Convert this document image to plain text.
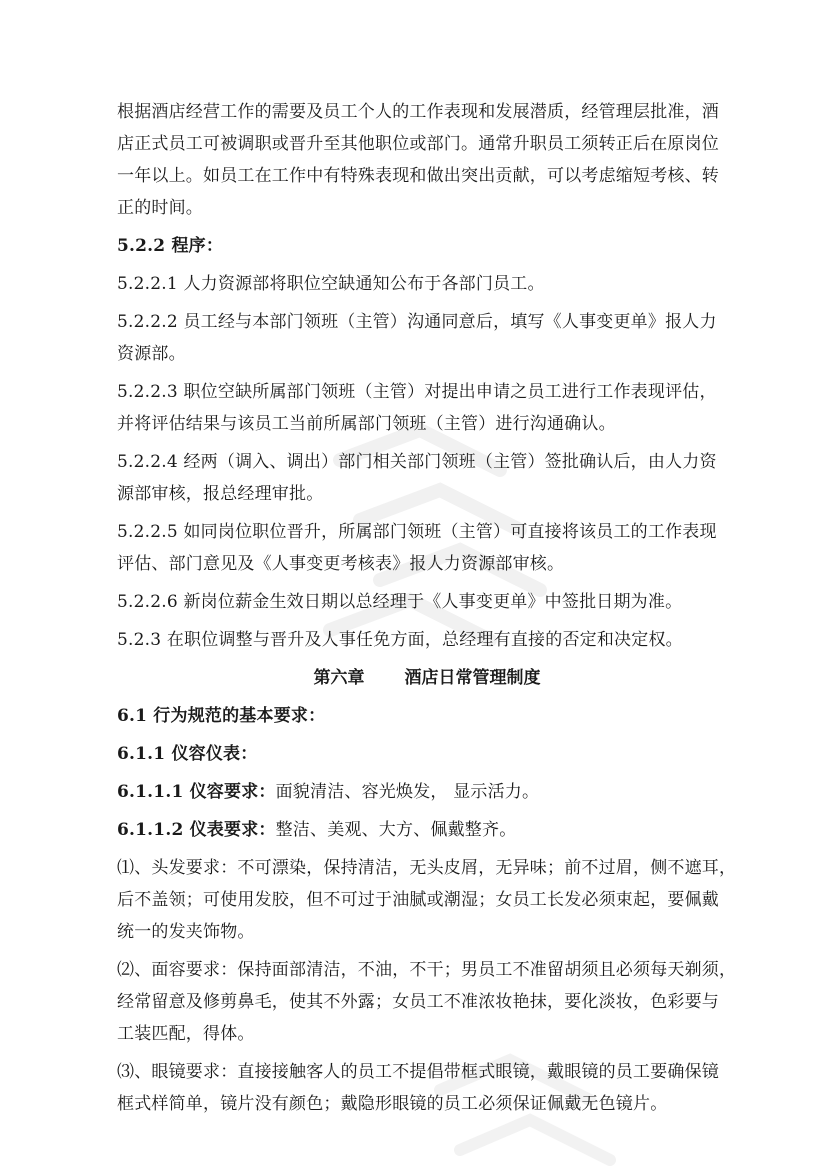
根据酒店经营工作的需要及员工个人的工作表现和发展潜质，经管理层批准，酒

店正式员工可被调职或晋升至其他职位或部门。通常升职员工须转正后在原岗位

一年以上。如员工在工作中有特殊表现和做出突出贡献，可以考虑缩短考核、转

正的时间。

5.2.2 程序：

5.2.2.1 人力资源部将职位空缺通知公布于各部门员工。

5.2.2.2 员工经与本部门领班（主管）沟通同意后，填写《人事变更单》报人力

资源部。

5.2.2.3 职位空缺所属部门领班（主管）对提出申请之员工进行工作表现评估，

并将评估结果与该员工当前所属部门领班（主管）进行沟通确认。

5.2.2.4 经两（调入、调出）部门相关部门领班（主管）签批确认后，由人力资

源部审核，报总经理审批。

5.2.2.5 如同岗位职位晋升，所属部门领班（主管）可直接将该员工的工作表现

评估、部门意见及《人事变更考核表》报人力资源部审核。

5.2.2.6 新岗位薪金生效日期以总经理于《人事变更单》中签批日期为准。

5.2.3 在职位调整与晋升及人事任免方面，总经理有直接的否定和决定权。

第六章 酒店日常管理制度

6.1 行为规范的基本要求：

6.1.1 仪容仪表：

6.1.1.1 仪容要求：面貌清洁、容光焕发， 显示活力。

6.1.1.2 仪表要求：整洁、美观、大方、佩戴整齐。

⑴、头发要求：不可漂染，保持清洁，无头皮屑，无异味；前不过眉，侧不遮耳，

后不盖领；可使用发胶，但不可过于油腻或潮湿；女员工长发必须束起，要佩戴

统一的发夹饰物。

⑵、面容要求：保持面部清洁，不油，不干；男员工不准留胡须且必须每天剃须，

经常留意及修剪鼻毛，使其不外露；女员工不准浓妆艳抹，要化淡妆，色彩要与

工装匹配，得体。

⑶、眼镜要求：直接接触客人的员工不提倡带框式眼镜，戴眼镜的员工要确保镜

框式样简单，镜片没有颜色；戴隐形眼镜的员工必须保证佩戴无色镜片。
